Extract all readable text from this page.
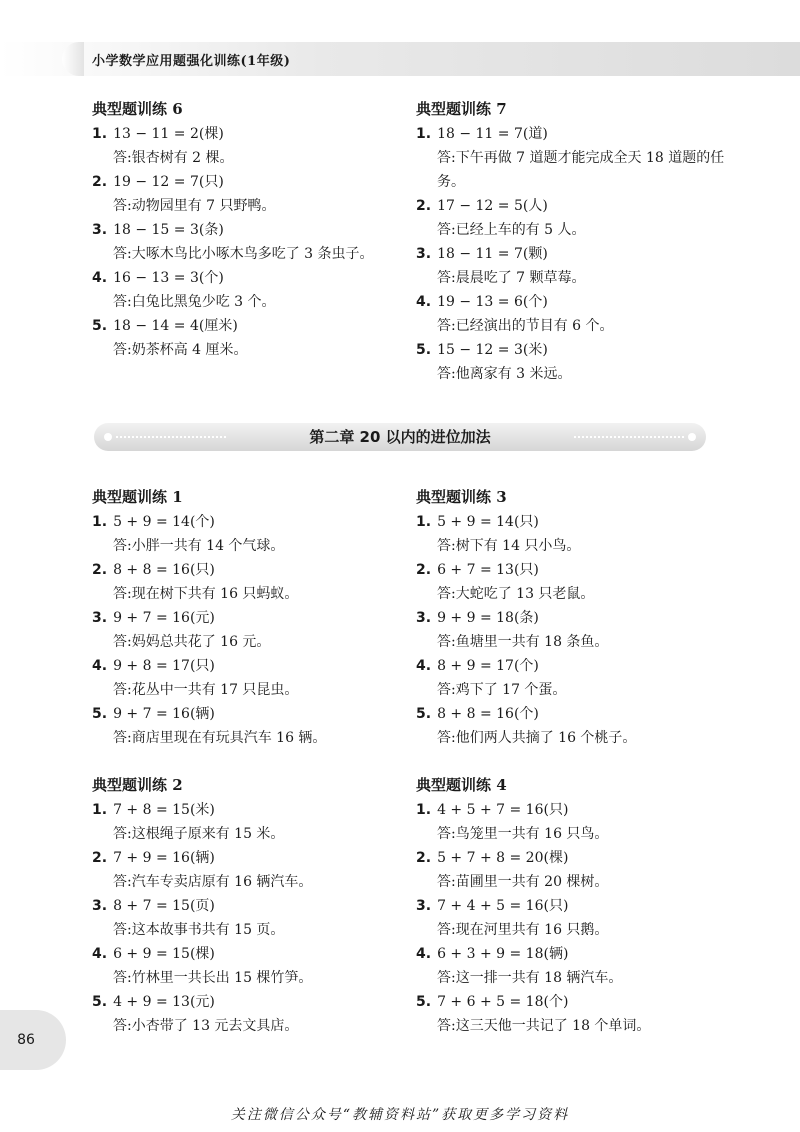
小学数学应用题强化训练(1年级)
典型题训练 6
1. 13 − 11 = 2(棵)
答:银杏树有 2 棵。
2. 19 − 12 = 7(只)
答:动物园里有 7 只野鸭。
3. 18 − 15 = 3(条)
答:大啄木鸟比小啄木鸟多吃了 3 条虫子。
4. 16 − 13 = 3(个)
答:白兔比黑兔少吃 3 个。
5. 18 − 14 = 4(厘米)
答:奶茶杯高 4 厘米。
典型题训练 7
1. 18 − 11 = 7(道)
答:下午再做 7 道题才能完成全天 18 道题的任务。
2. 17 − 12 = 5(人)
答:已经上车的有 5 人。
3. 18 − 11 = 7(颗)
答:晨晨吃了 7 颗草莓。
4. 19 − 13 = 6(个)
答:已经演出的节目有 6 个。
5. 15 − 12 = 3(米)
答:他离家有 3 米远。
第二章 20 以内的进位加法
典型题训练 1
1. 5 + 9 = 14(个)
答:小胖一共有 14 个气球。
2. 8 + 8 = 16(只)
答:现在树下共有 16 只蚂蚁。
3. 9 + 7 = 16(元)
答:妈妈总共花了 16 元。
4. 9 + 8 = 17(只)
答:花丛中一共有 17 只昆虫。
5. 9 + 7 = 16(辆)
答:商店里现在有玩具汽车 16 辆。
典型题训练 3
1. 5 + 9 = 14(只)
答:树下有 14 只小鸟。
2. 6 + 7 = 13(只)
答:大蛇吃了 13 只老鼠。
3. 9 + 9 = 18(条)
答:鱼塘里一共有 18 条鱼。
4. 8 + 9 = 17(个)
答:鸡下了 17 个蛋。
5. 8 + 8 = 16(个)
答:他们两人共摘了 16 个桃子。
典型题训练 2
1. 7 + 8 = 15(米)
答:这根绳子原来有 15 米。
2. 7 + 9 = 16(辆)
答:汽车专卖店原有 16 辆汽车。
3. 8 + 7 = 15(页)
答:这本故事书共有 15 页。
4. 6 + 9 = 15(棵)
答:竹林里一共长出 15 棵竹笋。
5. 4 + 9 = 13(元)
答:小杏带了 13 元去文具店。
典型题训练 4
1. 4 + 5 + 7 = 16(只)
答:鸟笼里一共有 16 只鸟。
2. 5 + 7 + 8 = 20(棵)
答:苗圃里一共有 20 棵树。
3. 7 + 4 + 5 = 16(只)
答:现在河里共有 16 只鹅。
4. 6 + 3 + 9 = 18(辆)
答:这一排一共有 18 辆汽车。
5. 7 + 6 + 5 = 18(个)
答:这三天他一共记了 18 个单词。
86
关注微信公众号“教辅资料站”获取更多学习资料
